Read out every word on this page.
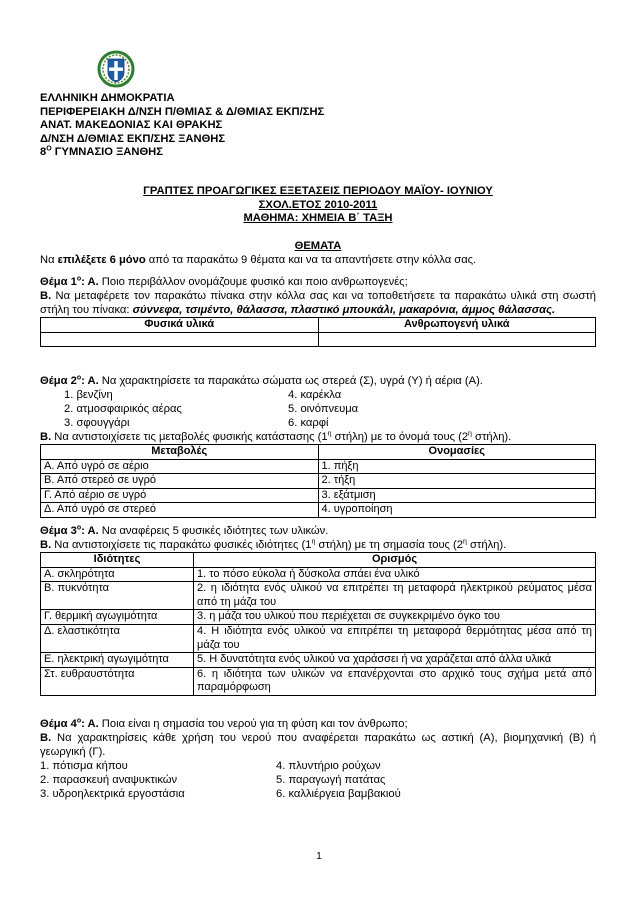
ΕΛΛΗΝΙΚΗ ΔΗΜΟΚΡΑΤΙΑ
ΠΕΡΙΦΕΡΕΙΑΚΗ Δ/ΝΣΗ Π/ΘΜΙΑΣ & Δ/ΘΜΙΑΣ ΕΚΠ/ΣΗΣ
ΑΝΑΤ. ΜΑΚΕΔΟΝΙΑΣ ΚΑΙ ΘΡΑΚΗΣ
Δ/ΝΣΗ Δ/ΘΜΙΑΣ ΕΚΠ/ΣΗΣ ΞΑΝΘΗΣ
$8^O$ ΓΥΜΝΑΣΙΟ ΞΑΝΘΗΣ
ΓΡΑΠΤΕΣ ΠΡΟΑΓΩΓΙΚΕΣ ΕΞΕΤΑΣΕΙΣ ΠΕΡΙΟΔΟΥ ΜΑΪΟΥ- ΙΟΥΝΙΟΥ
ΣΧΟΛ.ΕΤΟΣ 2010-2011
ΜΑΘΗΜΑ: ΧΗΜΕΙΑ Β΄ ΤΑΞΗ
ΘΕΜΑΤΑ
Να επιλέξετε 6 μόνο από τα παρακάτω 9 θέματα και να τα απαντήσετε στην κόλλα σας.

Θέμα $1^o$: Α. Ποιο περιβάλλον ονομάζουμε φυσικό και ποιο ανθρωπογενές;

Β. Να μεταφέρετε τον παρακάτω πίνακα στην κόλλα σας και να τοποθετήσετε τα παρακάτω υλικά στη σωστή στήλη του πίνακα: σύννεφα, τσιμέντο, θάλασσα, πλαστικό μπουκάλι, μακαρόνια, άμμος θάλασσας.

Φυσικά υλικά	Ανθρωπογενή υλικά

Θέμα $2^o$: Α. Να χαρακτηρίσετε τα παρακάτω σώματα ως στερεά (Σ), υγρά (Υ) ή αέρια (Α).

1. βενζίνη
2. ατμοσφαιρικός αέρας
3. σφουγγάρι
4. καρέκλα
5. οινόπνευμα
6. καρφί

Β. Να αντιστοιχίσετε τις μεταβολές φυσικής κατάστασης ($1^\eta$ στήλη) με το όνομά τους ($2^\eta$ στήλη).

Μεταβολές	Ονομασίες
Α. Από υγρό σε αέριο	1. πήξη
Β. Από στερεό σε υγρό	2. τήξη
Γ. Από αέριο σε υγρό	3. εξάτμιση
Δ. Από υγρό σε στερεό	4. υγροποίηση

Θέμα $3^o$: Α. Να αναφέρεις 5 φυσικές ιδιότητες των υλικών.

Β. Να αντιστοιχίσετε τις παρακάτω φυσικές ιδιότητες ($1^\eta$ στήλη) με τη σημασία τους ($2^\eta$ στήλη).

Ιδιότητες	Ορισμός
Α. σκληρότητα	1. το πόσο εύκολα ή δύσκολα σπάει ένα υλικό
Β. πυκνότητα	2. η ιδιότητα ενός υλικού να επιτρέπει τη μεταφορά ηλεκτρικού ρεύματος μέσα από τη μάζα του
Γ. θερμική αγωγιμότητα	3. η μάζα του υλικού που περιέχεται σε συγκεκριμένο όγκο του
Δ. ελαστικότητα	4. Η ιδιότητα ενός υλικού να επιτρέπει τη μεταφορά θερμότητας μέσα από τη μάζα του
Ε. ηλεκτρική αγωγιμότητα	5. Η δυνατότητα ενός υλικού να χαράσσει ή να χαράζεται από άλλα υλικά
Στ. ευθραυστότητα	6. η ιδιότητα των υλικών να επανέρχονται στο αρχικό τους σχήμα μετά από παραμόρφωση

Θέμα $4^o$: Α. Ποια είναι η σημασία του νερού για τη φύση και τον άνθρωπο;

Β. Να χαρακτηρίσεις κάθε χρήση του νερού που αναφέρεται παρακάτω ως αστική (Α), βιομηχανική (Β) ή γεωργική (Γ).

1. πότισμα κήπου
2. παρασκευή αναψυκτικών
3. υδροηλεκτρικά εργοστάσια
4. πλυντήριο ρούχων
5. παραγωγή πατάτας
6. καλλιέργεια βαμβακιού
1
